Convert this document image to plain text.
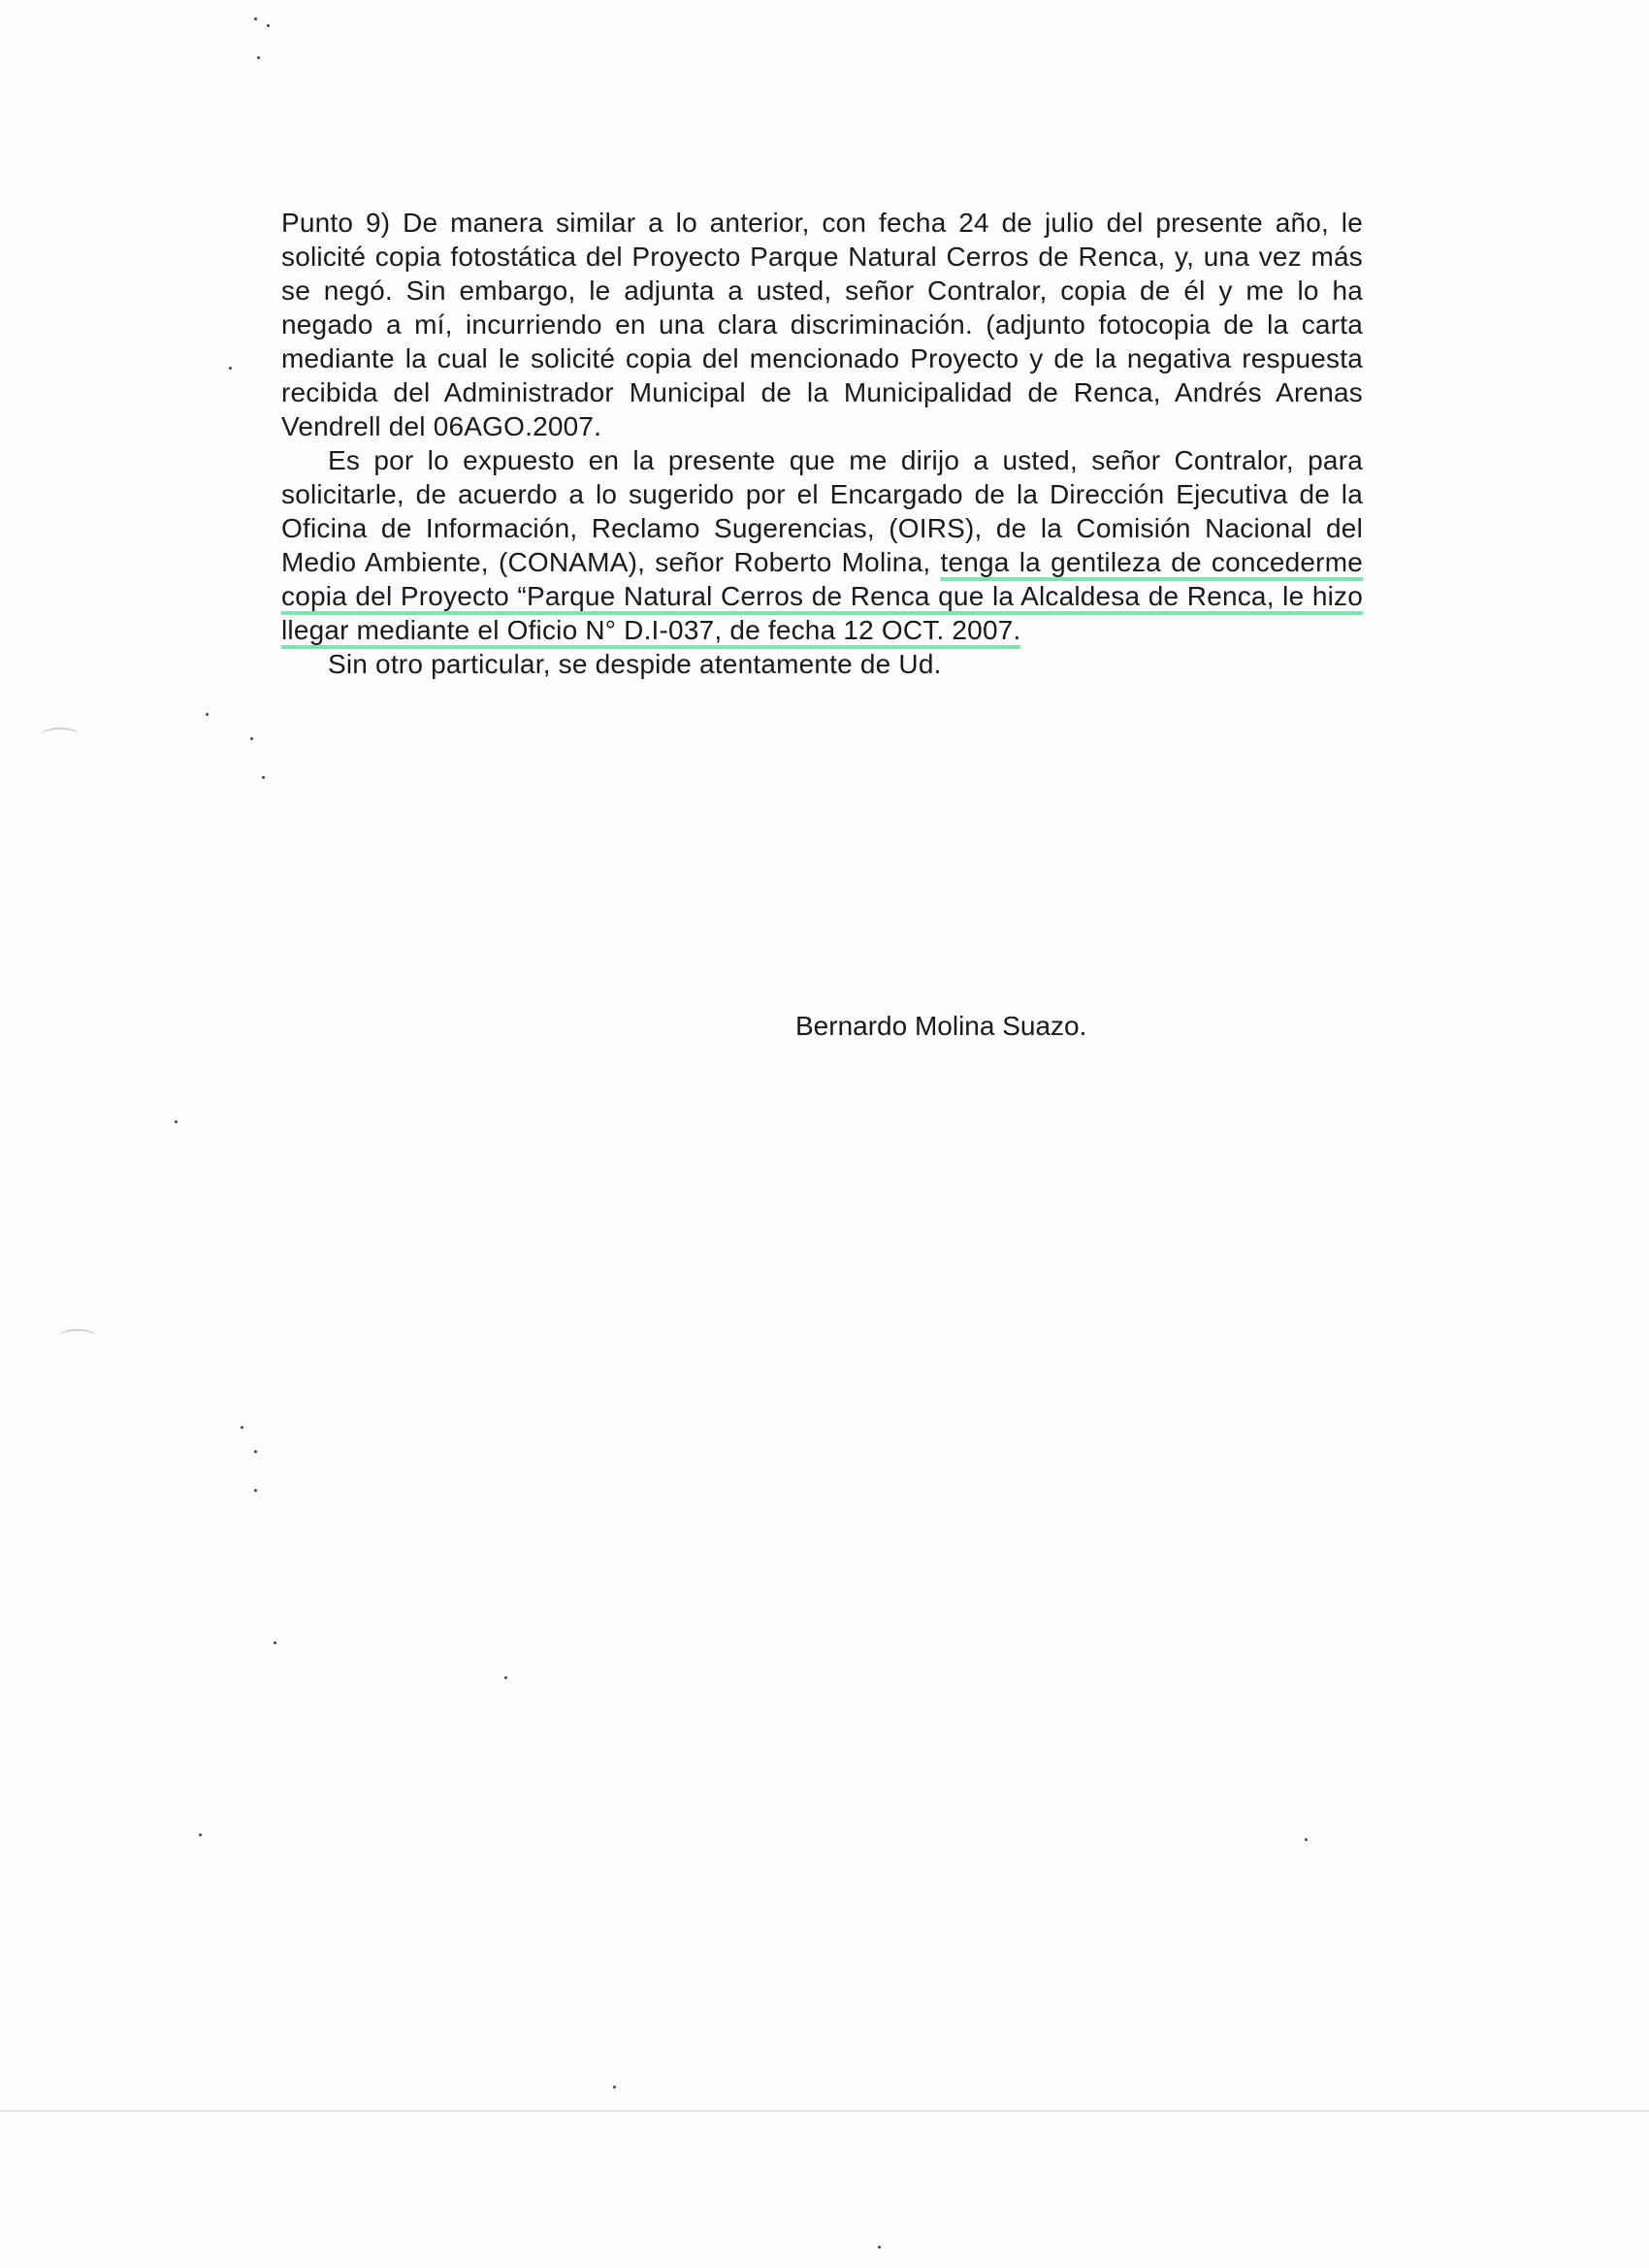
Punto 9) De manera similar a lo anterior, con fecha 24 de julio del presente año, le solicité copia fotostática del Proyecto Parque Natural Cerros de Renca, y, una vez más se negó. Sin embargo, le adjunta a usted, señor Contralor, copia de él y me lo ha negado a mí, incurriendo en una clara discriminación. (adjunto fotocopia de la carta mediante la cual le solicité copia del mencionado Proyecto y de la negativa respuesta recibida del Administrador Municipal de la Municipalidad de Renca, Andrés Arenas Vendrell del 06AGO.2007.

Es por lo expuesto en la presente que me dirijo a usted, señor Contralor, para solicitarle, de acuerdo a lo sugerido por el Encargado de la Dirección Ejecutiva de la Oficina de Información, Reclamo Sugerencias, (OIRS), de la Comisión Nacional del Medio Ambiente, (CONAMA), señor Roberto Molina, tenga la gentileza de concederme copia del Proyecto “Parque Natural Cerros de Renca que la Alcaldesa de Renca, le hizo llegar mediante el Oficio N° D.I-037, de fecha 12 OCT. 2007.

Sin otro particular, se despide atentamente de Ud.

Bernardo Molina Suazo.
